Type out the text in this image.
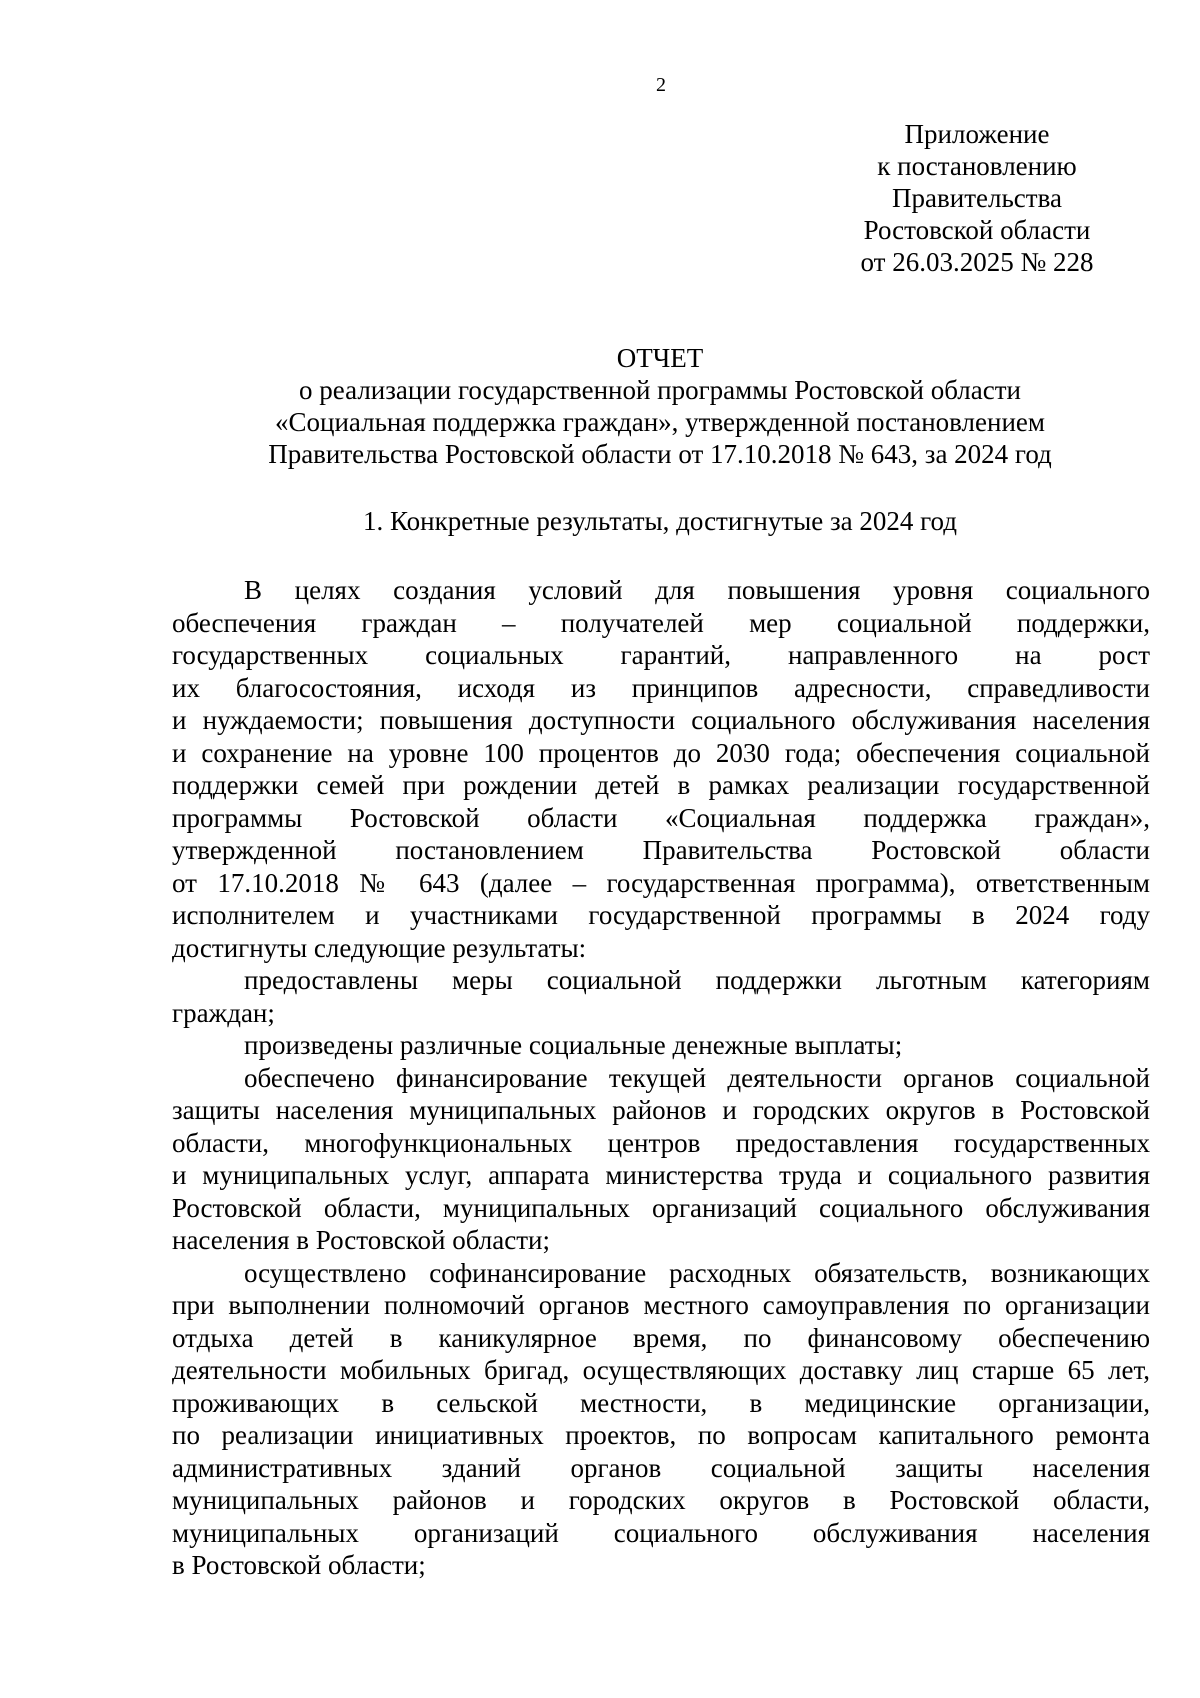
2
Приложение
к постановлению
Правительства
Ростовской области
от 26.03.2025 № 228
ОТЧЕТ
о реализации государственной программы Ростовской области
«Социальная поддержка граждан», утвержденной постановлением
Правительства Ростовской области от 17.10.2018 № 643, за 2024 год
1. Конкретные результаты, достигнутые за 2024 год
В целях создания условий для повышения уровня социального
обеспечения граждан – получателей мер социальной поддержки,
государственных социальных гарантий, направленного на рост
их благосостояния, исходя из принципов адресности, справедливости
и нуждаемости; повышения доступности социального обслуживания населения
и сохранение на уровне 100 процентов до 2030 года; обеспечения социальной
поддержки семей при рождении детей в рамках реализации государственной
программы Ростовской области «Социальная поддержка граждан»,
утвержденной постановлением Правительства Ростовской области
от 17.10.2018 № 643 (далее – государственная программа), ответственным
исполнителем и участниками государственной программы в 2024 году
достигнуты следующие результаты:
предоставлены меры социальной поддержки льготным категориям
граждан;
произведены различные социальные денежные выплаты;
обеспечено финансирование текущей деятельности органов социальной
защиты населения муниципальных районов и городских округов в Ростовской
области, многофункциональных центров предоставления государственных
и муниципальных услуг, аппарата министерства труда и социального развития
Ростовской области, муниципальных организаций социального обслуживания
населения в Ростовской области;
осуществлено софинансирование расходных обязательств, возникающих
при выполнении полномочий органов местного самоуправления по организации
отдыха детей в каникулярное время, по финансовому обеспечению
деятельности мобильных бригад, осуществляющих доставку лиц старше 65 лет,
проживающих в сельской местности, в медицинские организации,
по реализации инициативных проектов, по вопросам капитального ремонта
административных зданий органов социальной защиты населения
муниципальных районов и городских округов в Ростовской области,
муниципальных организаций социального обслуживания населения
в Ростовской области;
